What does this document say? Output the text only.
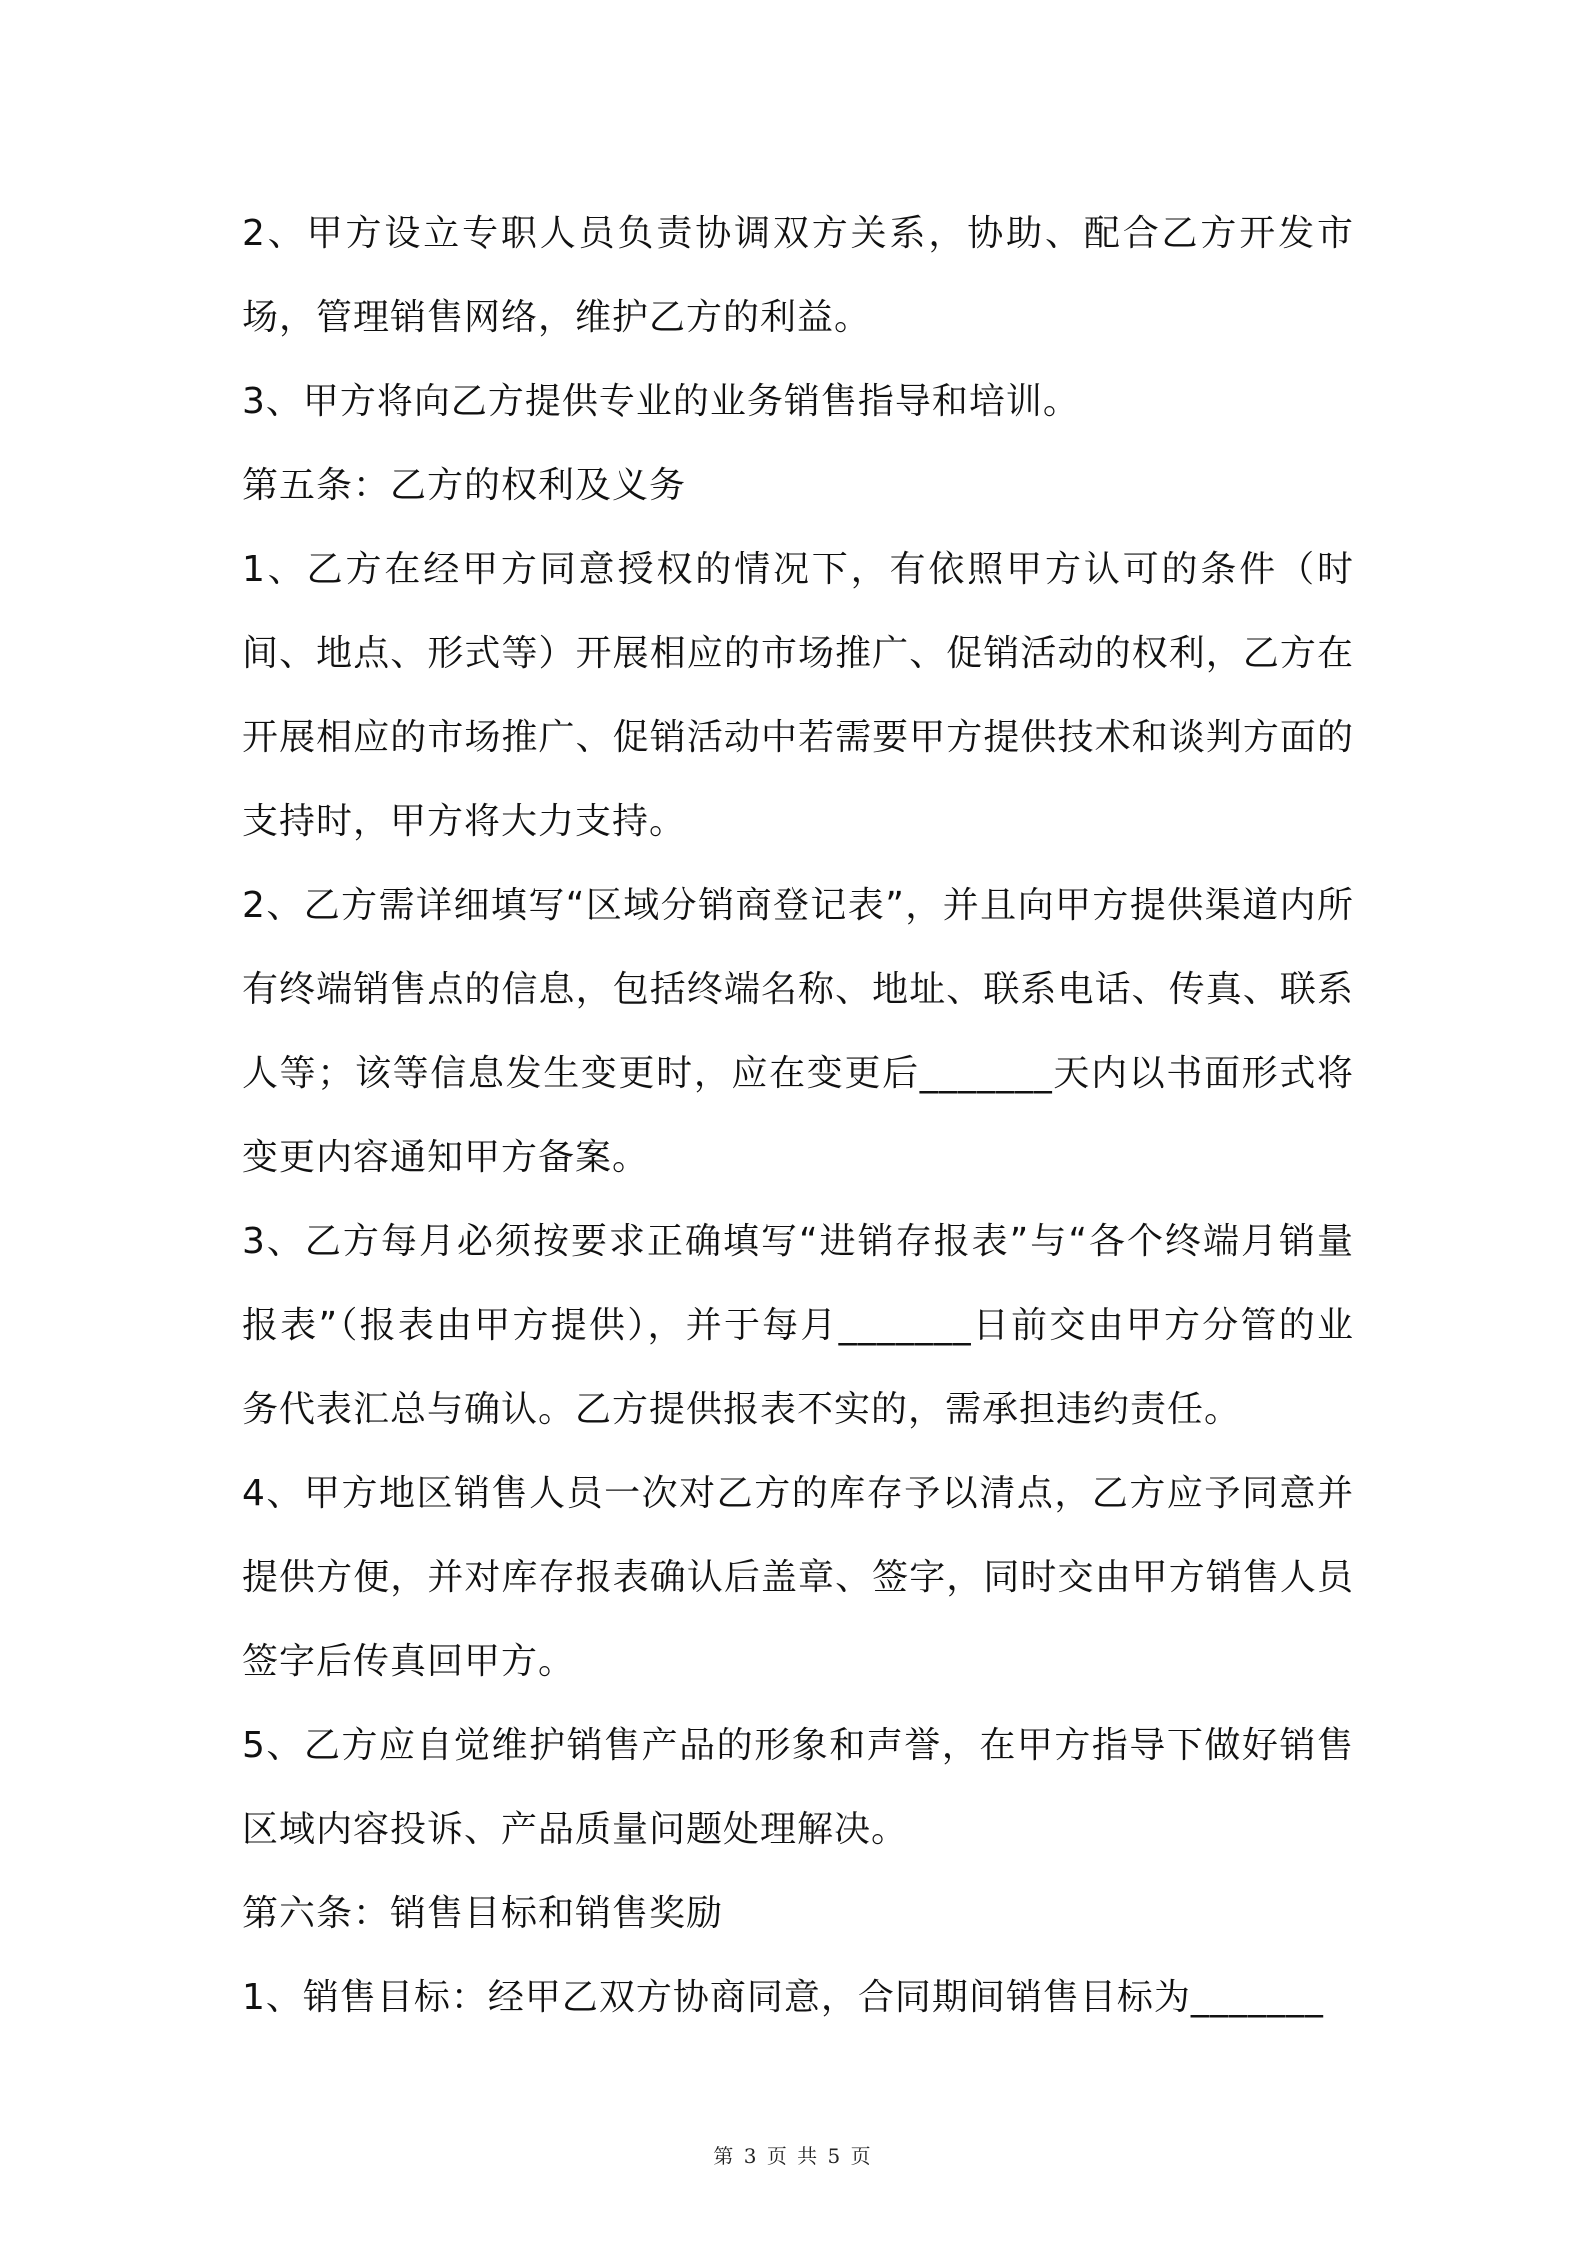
2、甲方设立专职人员负责协调双方关系，协助、配合乙方开发市场，管理销售网络，维护乙方的利益。

3、甲方将向乙方提供专业的业务销售指导和培训。

第五条：乙方的权利及义务

1、乙方在经甲方同意授权的情况下，有依照甲方认可的条件（时间、地点、形式等）开展相应的市场推广、促销活动的权利，乙方在开展相应的市场推广、促销活动中若需要甲方提供技术和谈判方面的支持时，甲方将大力支持。

2、乙方需详细填写“区域分销商登记表”，并且向甲方提供渠道内所有终端销售点的信息，包括终端名称、地址、联系电话、传真、联系人等；该等信息发生变更时，应在变更后_______天内以书面形式将变更内容通知甲方备案。

3、乙方每月必须按要求正确填写“进销存报表”与“各个终端月销量报表”（报表由甲方提供），并于每月_______日前交由甲方分管的业务代表汇总与确认。乙方提供报表不实的，需承担违约责任。

4、甲方地区销售人员一次对乙方的库存予以清点，乙方应予同意并提供方便，并对库存报表确认后盖章、签字，同时交由甲方销售人员签字后传真回甲方。

5、乙方应自觉维护销售产品的形象和声誉，在甲方指导下做好销售区域内容投诉、产品质量问题处理解决。

第六条：销售目标和销售奖励

1、销售目标：经甲乙双方协商同意，合同期间销售目标为_______

第 3 页 共 5 页
